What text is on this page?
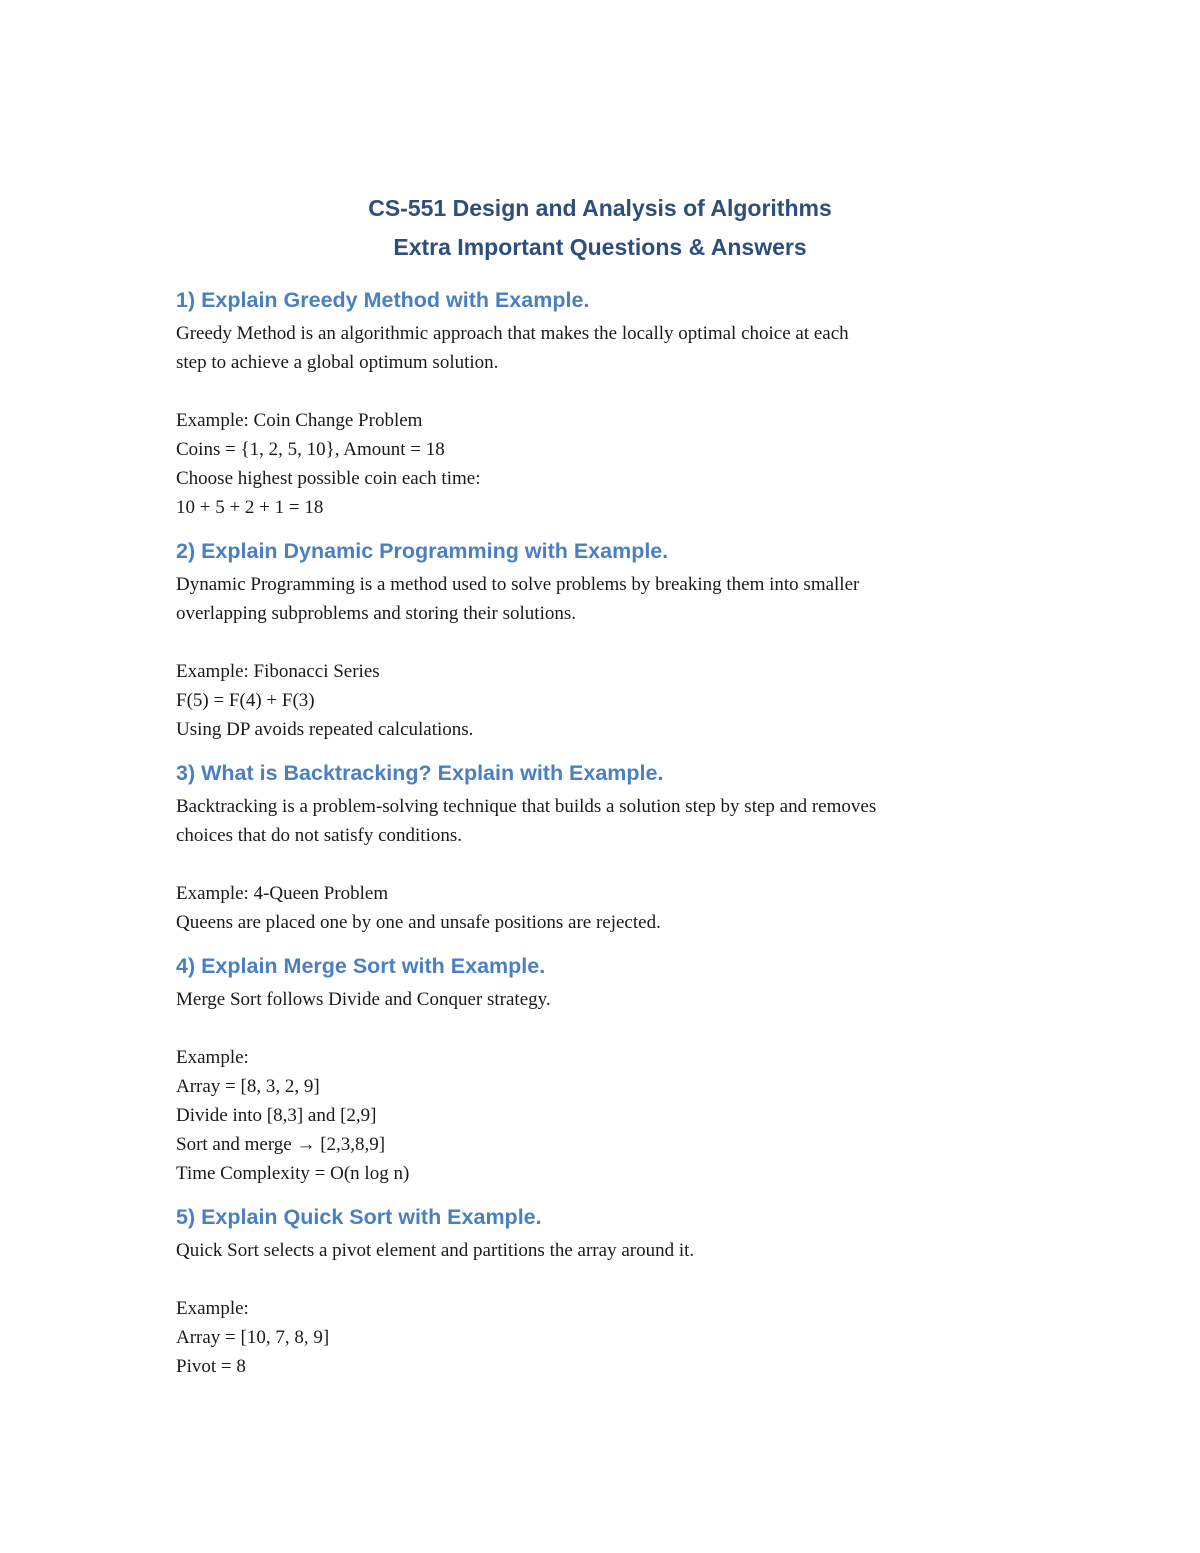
CS-551 Design and Analysis of Algorithms

Extra Important Questions & Answers

1) Explain Greedy Method with Example.

Greedy Method is an algorithmic approach that makes the locally optimal choice at each

step to achieve a global optimum solution.

Example: Coin Change Problem

Coins = {1, 2, 5, 10}, Amount = 18

Choose highest possible coin each time:

10 + 5 + 2 + 1 = 18

2) Explain Dynamic Programming with Example.

Dynamic Programming is a method used to solve problems by breaking them into smaller

overlapping subproblems and storing their solutions.

Example: Fibonacci Series

F(5) = F(4) + F(3)

Using DP avoids repeated calculations.

3) What is Backtracking? Explain with Example.

Backtracking is a problem-solving technique that builds a solution step by step and removes

choices that do not satisfy conditions.

Example: 4-Queen Problem

Queens are placed one by one and unsafe positions are rejected.

4) Explain Merge Sort with Example.

Merge Sort follows Divide and Conquer strategy.

Example:

Array = [8, 3, 2, 9]

Divide into [8,3] and [2,9]

Sort and merge → [2,3,8,9]

Time Complexity = O(n log n)

5) Explain Quick Sort with Example.

Quick Sort selects a pivot element and partitions the array around it.

Example:

Array = [10, 7, 8, 9]

Pivot = 8
